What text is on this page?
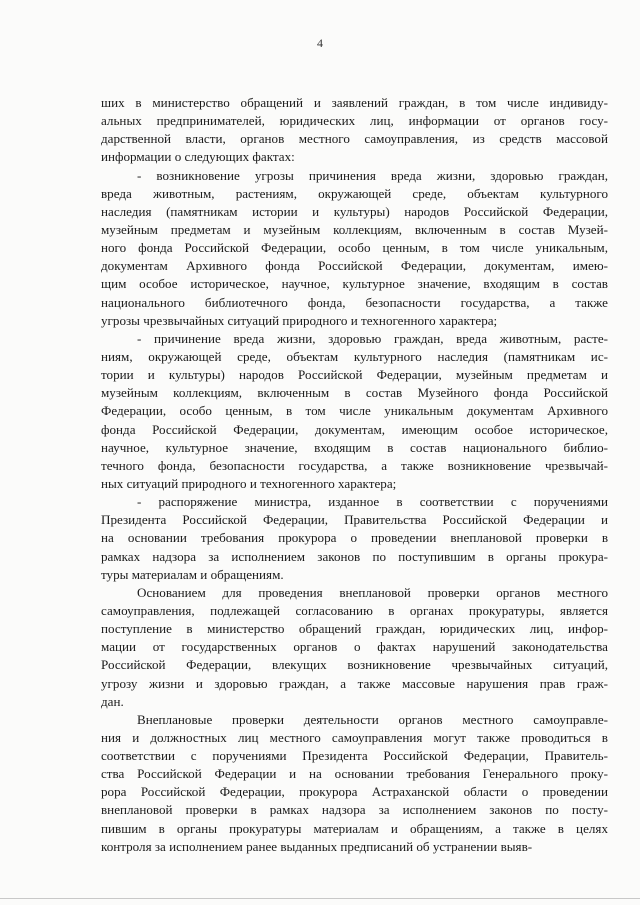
4
ших в министерство обращений и заявлений граждан, в том числе индивиду-
альных предпринимателей, юридических лиц, информации от органов госу-
дарственной власти, органов местного самоуправления, из средств массовой
информации о следующих фактах:
- возникновение угрозы причинения вреда жизни, здоровью граждан,
вреда животным, растениям, окружающей среде, объектам культурного
наследия (памятникам истории и культуры) народов Российской Федерации,
музейным предметам и музейным коллекциям, включенным в состав Музей-
ного фонда Российской Федерации, особо ценным, в том числе уникальным,
документам Архивного фонда Российской Федерации, документам, имею-
щим особое историческое, научное, культурное значение, входящим в состав
национального библиотечного фонда, безопасности государства, а также
угрозы чрезвычайных ситуаций природного и техногенного характера;
- причинение вреда жизни, здоровью граждан, вреда животным, расте-
ниям, окружающей среде, объектам культурного наследия (памятникам ис-
тории и культуры) народов Российской Федерации, музейным предметам и
музейным коллекциям, включенным в состав Музейного фонда Российской
Федерации, особо ценным, в том числе уникальным документам Архивного
фонда Российской Федерации, документам, имеющим особое историческое,
научное, культурное значение, входящим в состав национального библио-
течного фонда, безопасности государства, а также возникновение чрезвычай-
ных ситуаций природного и техногенного характера;
- распоряжение министра, изданное в соответствии с поручениями
Президента Российской Федерации, Правительства Российской Федерации и
на основании требования прокурора о проведении внеплановой проверки в
рамках надзора за исполнением законов по поступившим в органы прокура-
туры материалам и обращениям.
Основанием для проведения внеплановой проверки органов местного
самоуправления, подлежащей согласованию в органах прокуратуры, является
поступление в министерство обращений граждан, юридических лиц, инфор-
мации от государственных органов о фактах нарушений законодательства
Российской Федерации, влекущих возникновение чрезвычайных ситуаций,
угрозу жизни и здоровью граждан, а также массовые нарушения прав граж-
дан.
Внеплановые проверки деятельности органов местного самоуправле-
ния и должностных лиц местного самоуправления могут также проводиться в
соответствии с поручениями Президента Российской Федерации, Правитель-
ства Российской Федерации и на основании требования Генерального проку-
рора Российской Федерации, прокурора Астраханской области о проведении
внеплановой проверки в рамках надзора за исполнением законов по посту-
пившим в органы прокуратуры материалам и обращениям, а также в целях
контроля за исполнением ранее выданных предписаний об устранении выяв-
